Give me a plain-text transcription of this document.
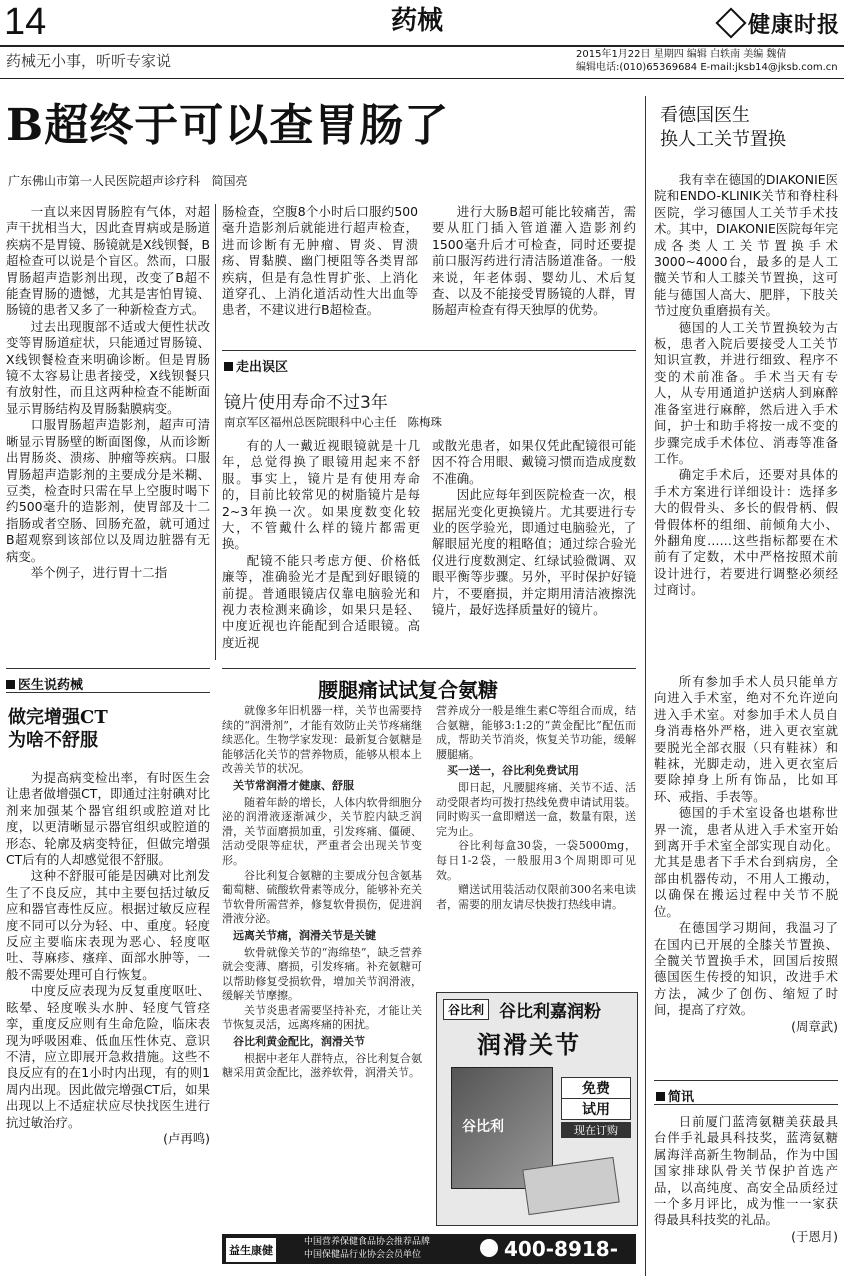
14	药械	健康时报
药械无小事，听听专家说	2015年1月22日 星期四 编辑 白轶南 美编 魏倩
编辑电话:(010)65369684 E-mail:jksb14@jksb.com.cn
B超终于可以查胃肠了
广东佛山市第一人民医院超声诊疗科 简国亮

一直以来因胃肠腔有气体，对超声干扰相当大，因此查胃病或是肠道疾病不是胃镜、肠镜就是X线钡餐，B超检查可以说是个盲区。然而，口服胃肠超声造影剂出现，改变了B超不能查胃肠的遗憾，尤其是害怕胃镜、肠镜的患者又多了一种新检查方式。

过去出现腹部不适或大便性状改变等胃肠道症状，只能通过胃肠镜、X线钡餐检查来明确诊断。但是胃肠镜不太容易让患者接受，X线钡餐只有放射性，而且这两种检查不能断面显示胃肠结构及胃肠黏膜病变。

口服胃肠超声造影剂，超声可清晰显示胃肠壁的断面图像，从而诊断出胃肠炎、溃疡、肿瘤等疾病。口服胃肠超声造影剂的主要成分是米糊、豆类，检查时只需在早上空腹时喝下约500毫升的造影剂，使胃部及十二指肠或者空肠、回肠充盈，就可通过B超观察到该部位以及周边脏器有无病变。

举个例子，进行胃十二指

肠检查，空腹8个小时后口服约500毫升造影剂后就能进行超声检查，进而诊断有无肿瘤、胃炎、胃溃疡、胃黏膜、幽门梗阻等各类胃部疾病，但是有急性胃扩张、上消化道穿孔、上消化道活动性大出血等患者，不建议进行B超检查。

进行大肠B超可能比较痛苦，需要从肛门插入管道灌入造影剂约1500毫升后才可检查，同时还要提前口服泻药进行清洁肠道准备。一般来说，年老体弱、婴幼儿、术后复查、以及不能接受胃肠镜的人群，胃肠超声检查有得天独厚的优势。

走出误区
镜片使用寿命不过3年
南京军区福州总医院眼科中心主任 陈梅珠

有的人一戴近视眼镜就是十几年，总觉得换了眼镜用起来不舒服。事实上，镜片是有使用寿命的，目前比较常见的树脂镜片是每2~3年换一次。如果度数变化较大，不管戴什么样的镜片都需更换。

配镜不能只考虑方便、价格低廉等，准确验光才是配到好眼镜的前提。普通眼镜店仅靠电脑验光和视力表检测来确诊，如果只是轻、中度近视也许能配到合适眼镜。高度近视

或散光患者，如果仅凭此配镜很可能因不符合用眼、戴镜习惯而造成度数不准确。

因此应每年到医院检查一次，根据屈光变化更换镜片。尤其要进行专业的医学验光，即通过电脑验光，了解眼屈光度的粗略值；通过综合验光仪进行度数测定、红绿试验微调、双眼平衡等步骤。另外，平时保护好镜片，不要磨损，并定期用清洁液擦洗镜片，最好选择质量好的镜片。

医生说药械
做完增强CT
为啥不舒服

为提高病变检出率，有时医生会让患者做增强CT，即通过注射碘对比剂来加强某个器官组织或腔道对比度，以更清晰显示器官组织或腔道的形态、轮廓及病变特征，但做完增强CT后有的人却感觉很不舒服。

这种不舒服可能是因碘对比剂发生了不良反应，其中主要包括过敏反应和器官毒性反应。根据过敏反应程度不同可以分为轻、中、重度。轻度反应主要临床表现为恶心、轻度呕吐、荨麻疹、瘙痒、面部水肿等，一般不需要处理可自行恢复。

中度反应表现为反复重度呕吐、眩晕、轻度喉头水肿、轻度气管痉挛，重度反应则有生命危险，临床表现为呼吸困难、低血压性休克、意识不清，应立即展开急救措施。这些不良反应有的在1小时内出现，有的则1周内出现。因此做完增强CT后，如果出现以上不适症状应尽快找医生进行抗过敏治疗。

(卢再鸣)
腰腿痛试试复合氨糖

就像多年旧机器一样，关节也需要持续的“润滑剂”，才能有效防止关节疼痛继续恶化。生物学家发现：最新复合氨糖是能够活化关节的营养物质，能够从根本上改善关节的状况。

关节常润滑才健康、舒服

随着年龄的增长，人体内软骨细胞分泌的润滑液逐渐减少，关节腔内缺乏润滑，关节面磨损加重，引发疼痛、僵硬、活动受限等症状，严重者会出现关节变形。

谷比利复合氨糖的主要成分包含氨基葡萄糖、硫酸软骨素等成分，能够补充关节软骨所需营养，修复软骨损伤，促进润滑液分泌。

远离关节痛，润滑关节是关键

软骨就像关节的“海绵垫”，缺乏营养就会变薄、磨损，引发疼痛。补充氨糖可以帮助修复受损软骨，增加关节润滑液，缓解关节摩擦。

关节炎患者需要坚持补充，才能让关节恢复灵活，远离疼痛的困扰。

谷比利黄金配比，润滑关节

根据中老年人群特点，谷比利复合氨糖采用黄金配比，滋养软骨，润滑关节。

营养成分一般是维生素C等组合而成，结合氨糖，能够3:1:2的“黄金配比”配伍而成，帮助关节消炎，恢复关节功能，缓解腰腿痛。

买一送一，谷比利免费试用

即日起，凡腰腿疼痛、关节不适、活动受限者均可拨打热线免费申请试用装。同时购买一盒即赠送一盒，数量有限，送完为止。

谷比利每盒30袋，一袋5000mg，每日1-2袋，一般服用3个周期即可见效。

赠送试用装活动仅限前300名来电读者，需要的朋友请尽快拨打热线申请。

谷比利 谷比利嘉润粉
润滑关节
谷比利
免费
试用
现在订购
益生康健
中国营养保健食品协会推荐品牌
中国保健品行业协会会员单位	400-8918-005
看德国医生
换人工关节置换

我有幸在德国的DIAKONIE医院和ENDO-KLINIK关节和脊柱科医院，学习德国人工关节手术技术。其中，DIAKONIE医院每年完成各类人工关节置换手术3000~4000台，最多的是人工髋关节和人工膝关节置换，这可能与德国人高大、肥胖，下肢关节过度负重磨损有关。

德国的人工关节置换较为古板，患者入院后要接受人工关节知识宣教，并进行细致、程序不变的术前准备。手术当天有专人，从专用通道护送病人到麻醉准备室进行麻醉，然后进入手术间，护士和助手将按一成不变的步骤完成手术体位、消毒等准备工作。

确定手术后，还要对具体的手术方案进行详细设计：选择多大的假骨头、多长的假骨柄、假骨假体杯的组细、前倾角大小、外翻角度……这些指标都要在术前有了定数，术中严格按照术前设计进行，若要进行调整必须经过商讨。

所有参加手术人员只能单方向进入手术室，绝对不允许逆向进入手术室。对参加手术人员自身消毒格外严格，进入更衣室就要脱光全部衣服（只有鞋袜）和鞋袜，光脚走动，进入更衣室后要除掉身上所有饰品，比如耳环、戒指、手表等。

德国的手术室设备也堪称世界一流，患者从进入手术室开始到离开手术室全部实现自动化。尤其是患者下手术台到病房，全部由机器传动，不用人工搬动，以确保在搬运过程中关节不脱位。

在德国学习期间，我温习了在国内已开展的全膝关节置换、全髋关节置换手术，回国后按照德国医生传授的知识，改进手术方法，减少了创伤、缩短了时间，提高了疗效。

(周章武)
简讯

日前厦门蓝湾氨糖美获最具台伴手礼最具科技奖，蓝湾氨糖属海洋高新生物制品，作为中国国家排球队骨关节保护首选产品，以高纯度、高安全品质经过一个多月评比，成为惟一一家获得最具科技奖的礼品。

(于恩月)
